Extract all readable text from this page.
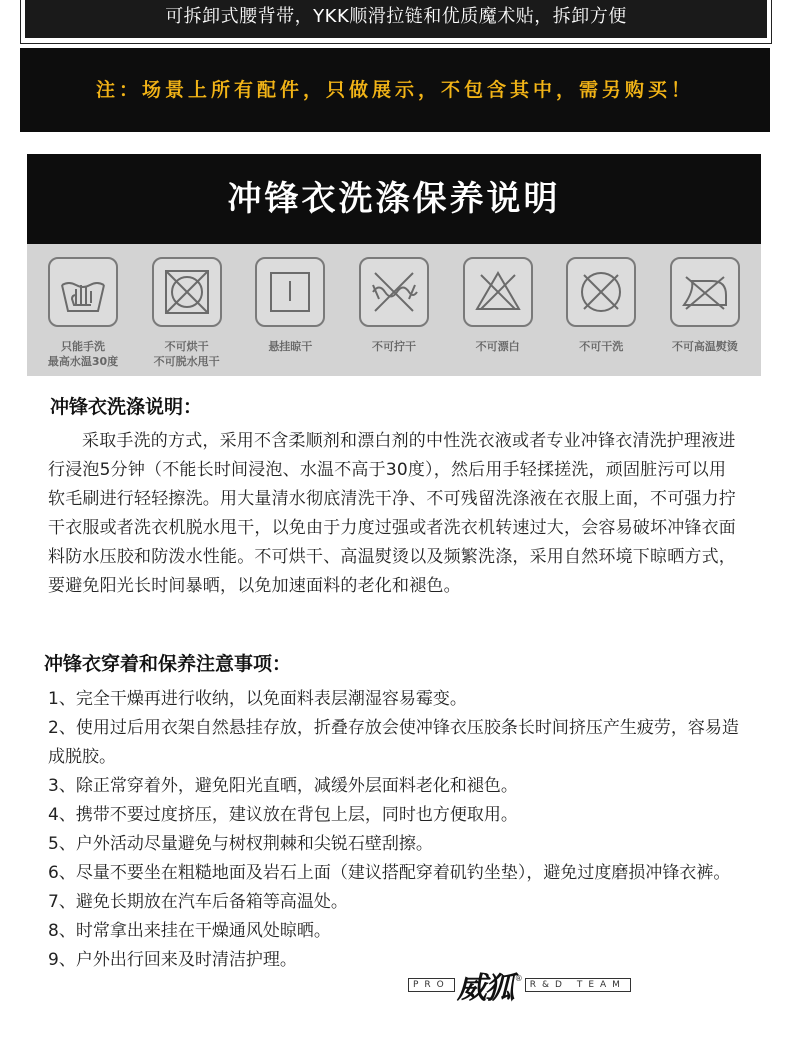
可拆卸式腰背带，YKK顺滑拉链和优质魔术贴，拆卸方便
注：场景上所有配件，只做展示，不包含其中，需另购买！
冲锋衣洗涤保养说明
只能手洗
最高水温30度
不可烘干
不可脱水甩干
悬挂晾干	不可拧干	不可漂白	不可干洗	不可高温熨烫
冲锋衣洗涤说明：

采取手洗的方式，采用不含柔顺剂和漂白剂的中性洗衣液或者专业冲锋衣清洗护理液进行浸泡5分钟（不能长时间浸泡、水温不高于30度），然后用手轻揉搓洗，顽固脏污可以用软毛刷进行轻轻擦洗。用大量清水彻底清洗干净、不可残留洗涤液在衣服上面，不可强力拧干衣服或者洗衣机脱水甩干，以免由于力度过强或者洗衣机转速过大，会容易破坏冲锋衣面料防水压胶和防泼水性能。不可烘干、高温熨烫以及频繁洗涤，采用自然环境下晾晒方式，要避免阳光长时间暴晒，以免加速面料的老化和褪色。

冲锋衣穿着和保养注意事项：
1、完全干燥再进行收纳，以免面料表层潮湿容易霉变。
2、使用过后用衣架自然悬挂存放，折叠存放会使冲锋衣压胶条长时间挤压产生疲劳，容易造成脱胶。
3、除正常穿着外，避免阳光直晒，减缓外层面料老化和褪色。
4、携带不要过度挤压，建议放在背包上层，同时也方便取用。
5、户外活动尽量避免与树杈荆棘和尖锐石壁刮擦。
6、尽量不要坐在粗糙地面及岩石上面（建议搭配穿着矶钓坐垫），避免过度磨损冲锋衣裤。
7、避免长期放在汽车后备箱等高温处。
8、时常拿出来挂在干燥通风处晾晒。
9、户外出行回来及时清洁护理。
PRO 威狐 ®
R&D TEAM
